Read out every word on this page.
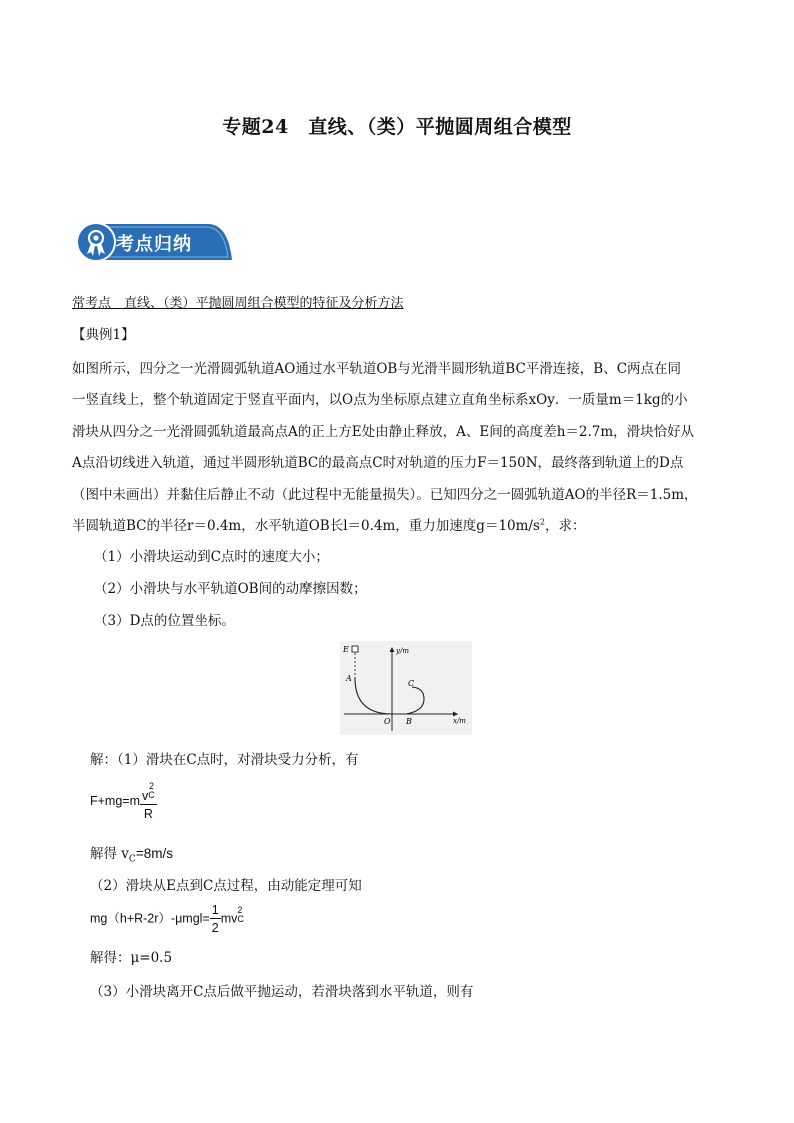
专题24　直线、（类）平抛圆周组合模型
考点归纳
常考点　直线、（类）平抛圆周组合模型的特征及分析方法
【典例1】
如图所示，四分之一光滑圆弧轨道AO通过水平轨道OB与光滑半圆形轨道BC平滑连接，B、C两点在同
一竖直线上，整个轨道固定于竖直平面内，以O点为坐标原点建立直角坐标系xOy．一质量m＝1kg的小
滑块从四分之一光滑圆弧轨道最高点A的正上方E处由静止释放，A、E间的高度差h＝2.7m，滑块恰好从
A点沿切线进入轨道，通过半圆形轨道BC的最高点C时对轨道的压力F＝150N，最终落到轨道上的D点
（图中未画出）并黏住后静止不动（此过程中无能量损失）。已知四分之一圆弧轨道AO的半径R＝1.5m，
半圆轨道BC的半径r＝0.4m，水平轨道OB长l＝0.4m，重力加速度$g=10m/s^2$，求：
（1）小滑块运动到C点时的速度大小；
（2）小滑块与水平轨道OB间的动摩擦因数；
（3）D点的位置坐标。
E
A
C
O B
y/m
x/m
解：（1）滑块在C点时，对滑块受力分析，有
F+mg=m v
2
C
R
解得 $v_C=8m/s$
（2）滑块从E点到C点过程，由动能定理可知
$mg(h+R-2r)-\mu mgl= \frac{1}{2}$ mv
2
C
解得：μ=0.5
（3）小滑块离开C点后做平抛运动，若滑块落到水平轨道，则有
